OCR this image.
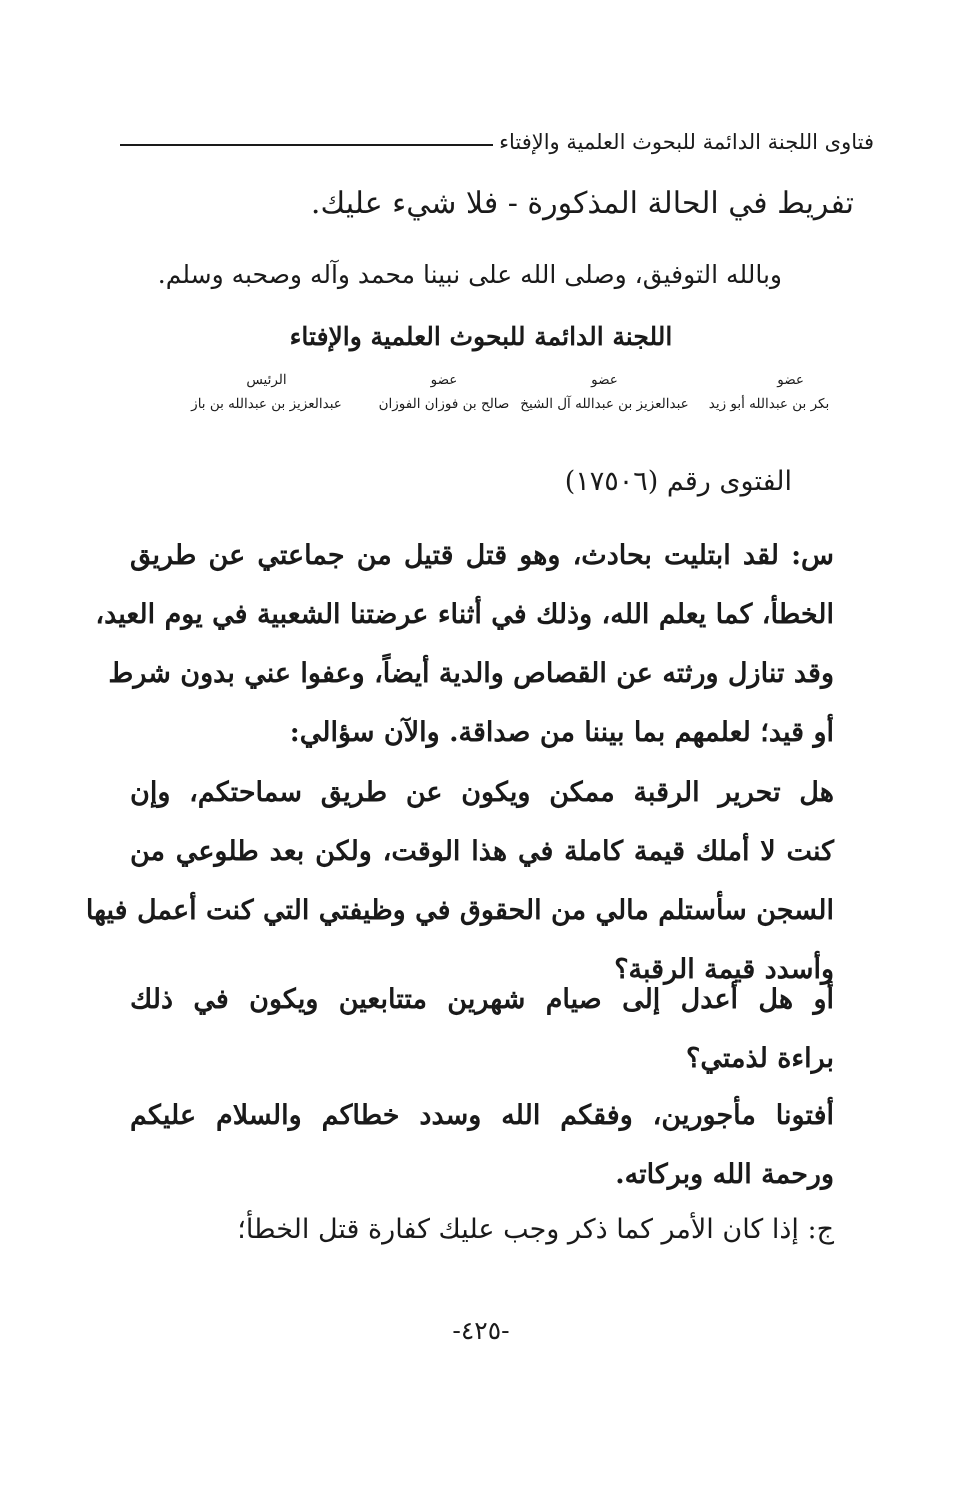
فتاوى اللجنة الدائمة للبحوث العلمية والإفتاء
تفريط في الحالة المذكورة - فلا شيء عليك.
وبالله التوفيق، وصلى الله على نبينا محمد وآله وصحبه وسلم.
اللجنة الدائمة للبحوث العلمية والإفتاء
عضو
بكر بن عبدالله أبو زيد
عضو
عبدالعزيز بن عبدالله آل الشيخ
عضو
صالح بن فوزان الفوزان
الرئيس
عبدالعزيز بن عبدالله بن باز
الفتوى رقم (١٧٥٠٦)
س: لقد ابتليت بحادث، وهو قتل قتيل من جماعتي عن طريق
الخطأ، كما يعلم الله، وذلك في أثناء عرضتنا الشعبية في يوم العيد،
وقد تنازل ورثته عن القصاص والدية أيضاً، وعفوا عني بدون شرط
أو قيد؛ لعلمهم بما بيننا من صداقة. والآن سؤالي:
هل تحرير الرقبة ممكن ويكون عن طريق سماحتكم، وإن
كنت لا أملك قيمة كاملة في هذا الوقت، ولكن بعد طلوعي من
السجن سأستلم مالي من الحقوق في وظيفتي التي كنت أعمل فيها
وأسدد قيمة الرقبة؟
أو هل أعدل إلى صيام شهرين متتابعين ويكون في ذلك
براءة لذمتي؟
أفتونا مأجورين، وفقكم الله وسدد خطاكم والسلام عليكم
ورحمة الله وبركاته.
ج: إذا كان الأمر كما ذكر وجب عليك كفارة قتل الخطأ؛
-٤٢٥-
